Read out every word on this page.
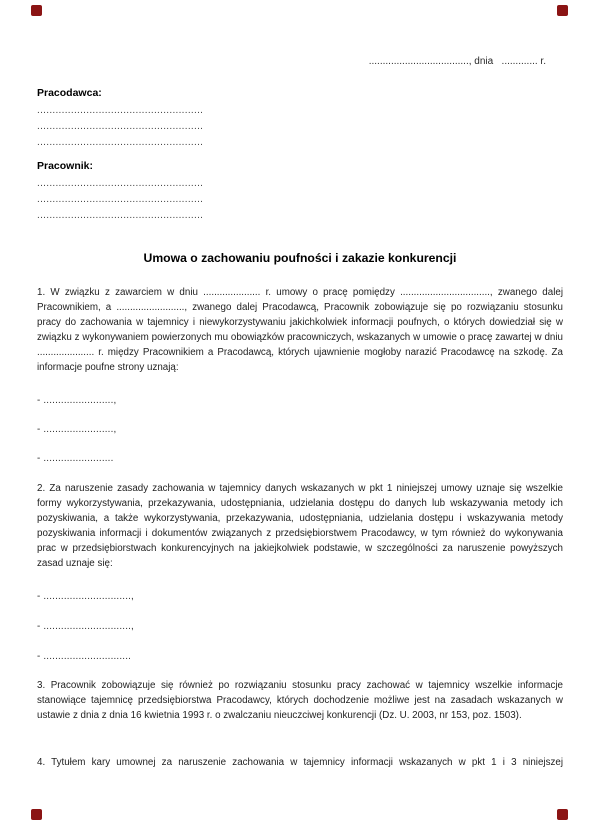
...................................., dnia   ............. r.
Pracodawca:
......................................................
......................................................
......................................................
Pracownik:
......................................................
......................................................
......................................................
Umowa o zachowaniu poufności i zakazie konkurencji

1. W związku z zawarciem w dniu ..................... r. umowy o pracę pomiędzy ................................., zwanego dalej Pracownikiem, a ........................., zwanego dalej Pracodawcą, Pracownik zobowiązuje się po rozwiązaniu stosunku pracy do zachowania w tajemnicy i niewykorzystywaniu jakichkolwiek informacji poufnych, o których dowiedział się w związku z wykonywaniem powierzonych mu obowiązków pracowniczych, wskazanych w umowie o pracę zawartej w dniu ..................... r. między Pracownikiem a Pracodawcą, których ujawnienie mogłoby narazić Pracodawcę na szkodę. Za informacje poufne strony uznają:

- ........................,
- ........................,
- ........................

2. Za naruszenie zasady zachowania w tajemnicy danych wskazanych w pkt 1 niniejszej umowy uznaje się wszelkie formy wykorzystywania, przekazywania, udostępniania, udzielania dostępu do danych lub wskazywania metody ich pozyskiwania, a także wykorzystywania, przekazywania, udostępniania, udzielania dostępu i wskazywania metody pozyskiwania informacji i dokumentów związanych z przedsiębiorstwem Pracodawcy, w tym również do wykonywania prac w przedsiębiorstwach konkurencyjnych na jakiejkolwiek podstawie, w szczególności za naruszenie powyższych zasad uznaje się:

- ..............................,
- ..............................,
- ..............................

3. Pracownik zobowiązuje się również po rozwiązaniu stosunku pracy zachować w tajemnicy wszelkie informacje stanowiące tajemnicę przedsiębiorstwa Pracodawcy, których dochodzenie możliwe jest na zasadach wskazanych w ustawie z dnia z dnia 16 kwietnia 1993 r. o zwalczaniu nieuczciwej konkurencji (Dz. U. 2003, nr 153, poz. 1503).

4. Tytułem kary umownej za naruszenie zachowania w tajemnicy informacji wskazanych w pkt 1 i 3 niniejszej
